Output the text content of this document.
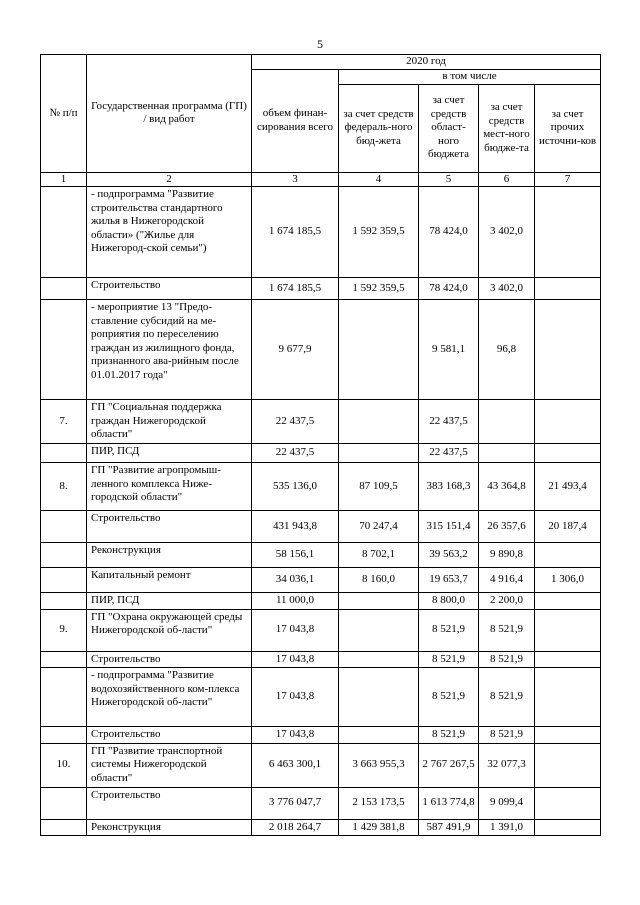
5
№ п/п	Государственная программа (ГП) / вид работ	2020 год				
		объем финан-сирования всего	в том числе			
			за счет средств федераль-ного бюд-жета	за счет средств област-ного бюджета	за счет средств мест-ного бюдже-та	за счет прочих источни-ков
1	2	3	4	5	6	7
	- подпрограмма "Развитие строительства стандартного жилья в Нижегородской области» ("Жилье для Нижегород-ской семьи")	1 674 185,5	1 592 359,5	78 424,0	3 402,0	
	Строительство	1 674 185,5	1 592 359,5	78 424,0	3 402,0	
	- мероприятие 13 "Предо-ставление субсидий на ме-роприятия по переселению граждан из жилищного фонда, признанного ава-рийным после 01.01.2017 года"	9 677,9		9 581,1	96,8	
7.	ГП "Социальная поддержка граждан Нижегородской области"	22 437,5		22 437,5		
	ПИР, ПСД	22 437,5		22 437,5		
8.	ГП "Развитие агропромыш-ленного комплекса Ниже-городской области"	535 136,0	87 109,5	383 168,3	43 364,8	21 493,4
	Строительство	431 943,8	70 247,4	315 151,4	26 357,6	20 187,4
	Реконструкция	58 156,1	8 702,1	39 563,2	9 890,8	
	Капитальный ремонт	34 036,1	8 160,0	19 653,7	4 916,4	1 306,0
	ПИР, ПСД	11 000,0		8 800,0	2 200,0	
9.	ГП "Охрана окружающей среды Нижегородской об-ласти"	17 043,8		8 521,9	8 521,9	
	Строительство	17 043,8		8 521,9	8 521,9	
	- подпрограмма "Развитие водохозяйственного ком-плекса Нижегородской об-ласти"	17 043,8		8 521,9	8 521,9	
	Строительство	17 043,8		8 521,9	8 521,9	
10.	ГП "Развитие транспортной системы Нижегородской области"	6 463 300,1	3 663 955,3	2 767 267,5	32 077,3	
	Строительство	3 776 047,7	2 153 173,5	1 613 774,8	9 099,4	
	Реконструкция	2 018 264,7	1 429 381,8	587 491,9	1 391,0	
